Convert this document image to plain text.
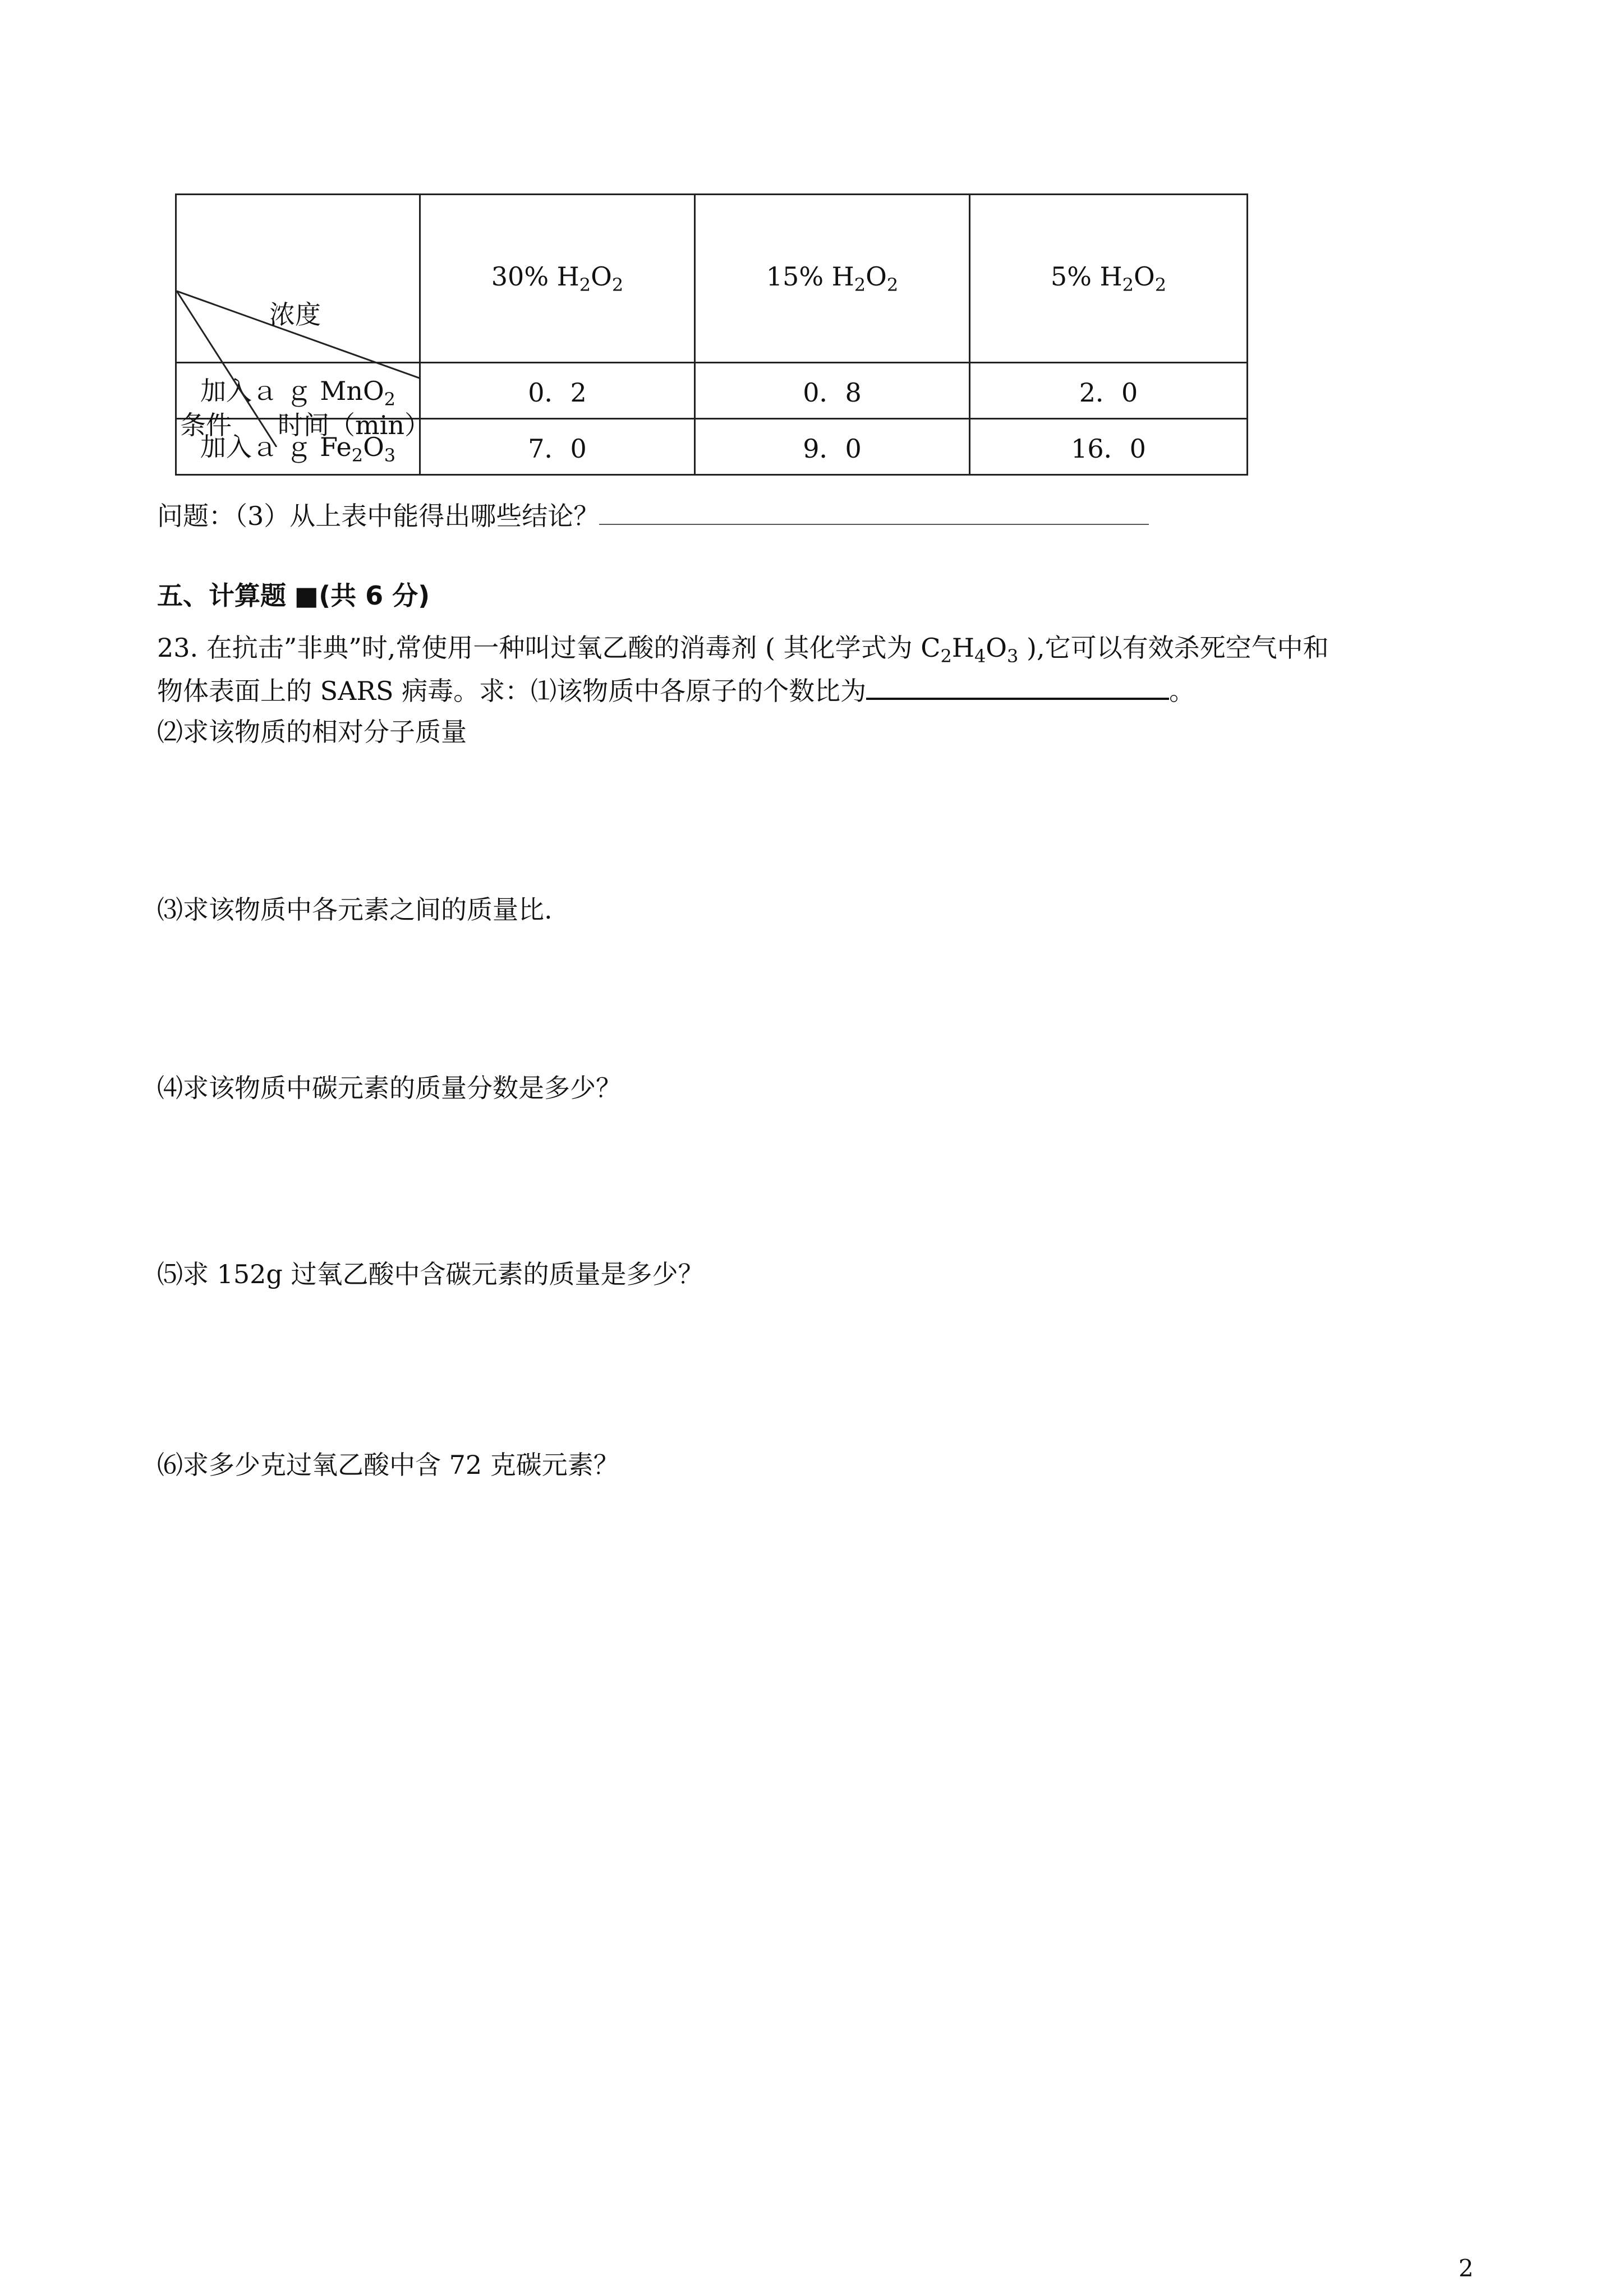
浓度
条件 时间（min）	30% $H_2O_2$	15% $H_2O_2$	5% $H_2O_2$
加入ａ ｇ MnO$_2$	0．2	0．8	2．0
加入ａ ｇ $Fe_2O_3$	7．0	9．0	16．0
问题：（3）从上表中能得出哪些结论？
五、计算题 ■(共 6 分)
23. 在抗击”非典”时,常使用一种叫过氧乙酸的消毒剂 ( 其化学式为 $C_2H_4O_3$ ),它可以有效杀死空气中和
物体表面上的 SARS 病毒。求：⑴该物质中各原子的个数比为	。
⑵求该物质的相对分子质量
⑶求该物质中各元素之间的质量比.
⑷求该物质中碳元素的质量分数是多少？
⑸求 152g 过氧乙酸中含碳元素的质量是多少？
⑹求多少克过氧乙酸中含 72 克碳元素？
2
